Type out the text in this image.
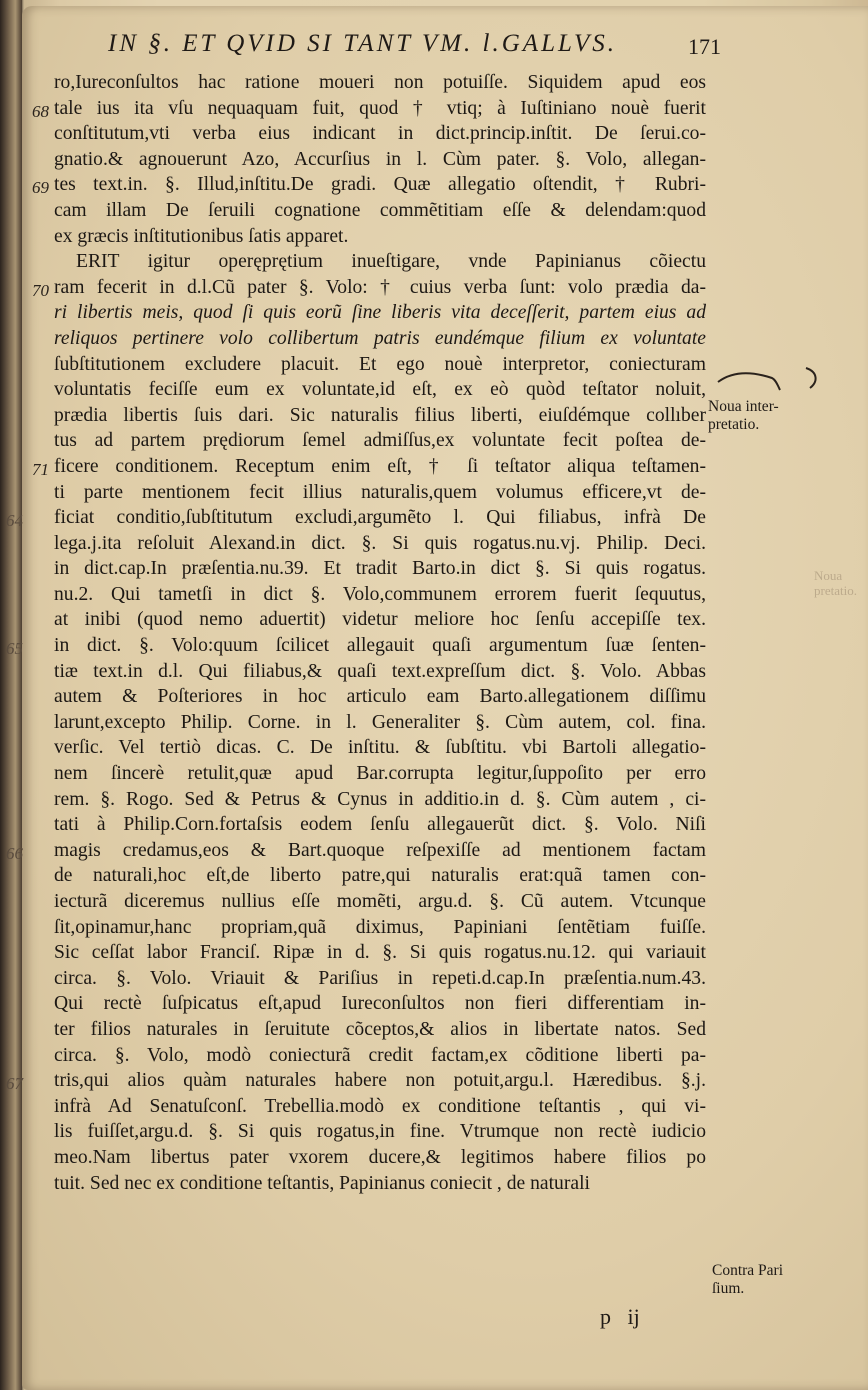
IN §. ET QVID SI TANT VM. l.GALLVS.	171

ro,Iureconſultos hac ratione moueri non potuiſſe. Siquidem apud eos
tale ius ita vſu nequaquam fuit, quod † vtiq; à Iuſtiniano nouè fuerit
conſtitutum,vti verba eius indicant in dict.princip.inſtit. De ſerui.co-
gnatio.& agnouerunt Azo, Accurſius in l. Cùm pater. §. Volo, allegan-
tes text.in. §. Illud,inſtitu.De gradi. Quæ allegatio oſtendit, † Rubri-
cam illam De ſeruili cognatione commẽtitiam eſſe & delendam:quod
ex græcis inſtitutionibus ſatis apparet.
ERIT igitur operęprętium inueſtigare, vnde Papinianus cõiectu
ram fecerit in d.l.Cũ pater §. Volo: † cuius verba ſunt: volo prædia da-
ri libertis meis, quod ſi quis eorũ ſine liberis vita deceſſerit, partem eius ad
reliquos pertinere volo collibertum patris eundémque filium ex voluntate
ſubſtitutionem excludere placuit. Et ego nouè interpretor, coniecturam
voluntatis feciſſe eum ex voluntate,id eſt, ex eò quòd teſtator noluit,
prædia libertis ſuis dari. Sic naturalis filius liberti, eiuſdémque collıber
tus ad partem prędiorum ſemel admiſſus,ex voluntate fecit poſtea de-
ficere conditionem. Receptum enim eſt, † ſi teſtator aliqua teſtamen-
ti parte mentionem fecit illius naturalis,quem volumus efficere,vt de-
ficiat conditio,ſubſtitutum excludi,argumẽto l. Qui filiabus, infrà De
lega.j.ita reſoluit Alexand.in dict. §. Si quis rogatus.nu.vj. Philip. Deci.
in dict.cap.In præſentia.nu.39. Et tradit Barto.in dict §. Si quis rogatus.
nu.2. Qui tametſi in dict §. Volo,communem errorem fuerit ſequutus,
at inibi (quod nemo aduertit) videtur meliore hoc ſenſu accepiſſe tex.
in dict. §. Volo:quum ſcilicet allegauit quaſi argumentum ſuæ ſenten-
tiæ text.in d.l. Qui filiabus,& quaſi text.expreſſum dict. §. Volo. Abbas
autem & Poſteriores in hoc articulo eam Barto.allegationem diſſimu
larunt,excepto Philip. Corne. in l. Generaliter §. Cùm autem, col. fina.
verſic. Vel tertiò dicas. C. De inſtitu. & ſubſtitu. vbi Bartoli allegatio-
nem ſincerè retulit,quæ apud Bar.corrupta legitur,ſuppoſito per erro
rem. §. Rogo. Sed & Petrus & Cynus in additio.in d. §. Cùm autem , ci-
tati à Philip.Corn.fortaſsis eodem ſenſu allegauerũt dict. §. Volo. Niſi
magis credamus,eos & Bart.quoque reſpexiſſe ad mentionem factam
de naturali,hoc eſt,de liberto patre,qui naturalis erat:quã tamen con-
iecturã diceremus nullius eſſe momẽti, argu.d. §. Cũ autem. Vtcunque
ſit,opinamur,hanc propriam,quã diximus, Papiniani ſentẽtiam fuiſſe.
Sic ceſſat labor Franciſ. Ripæ in d. §. Si quis rogatus.nu.12. qui variauit
circa. §. Volo. Vriauit & Pariſius in repeti.d.cap.In præſentia.num.43.
Qui rectè ſuſpicatus eſt,apud Iureconſultos non fieri differentiam in-
ter filios naturales in ſeruitute cõceptos,& alios in libertate natos. Sed
circa. §. Volo, modò coniecturã credit factam,ex cõditione liberti pa-
tris,qui alios quàm naturales habere non potuit,argu.l. Hæredibus. §.j.
infrà Ad Senatuſconſ. Trebellia.modò ex conditione teſtantis , qui vi-
lis fuiſſet,argu.d. §. Si quis rogatus,in fine. Vtrumque non rectè iudicio
meo.Nam libertus pater vxorem ducere,& legitimos habere filios po
tuit. Sed nec ex conditione teſtantis, Papinianus coniecit , de naturali

68

69

70

71

64

65

66

67

Noua inter-
pretatio.

Contra Pari
ſium.

Noua
pretatio.

p   ij
